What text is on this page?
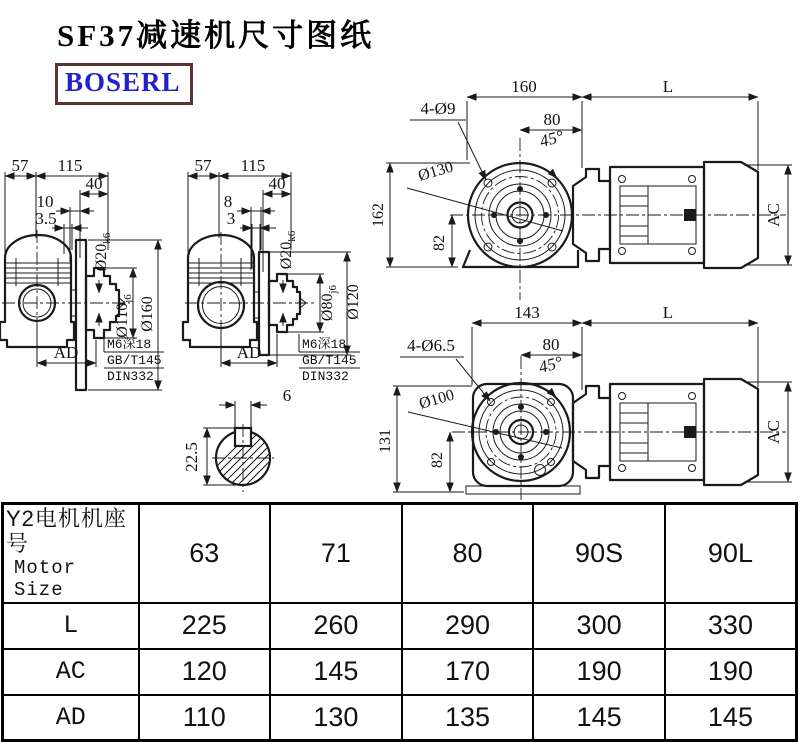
SF37减速机尺寸图纸
BOSERL
57 115
40
10
3.5
$Ø20_{k6}$
$Ø110_{j6}$ Ø160
AD M6深18
GB/T145
DIN332
57 115
40
8
3
$Ø20_{k6}$
$Ø80_{j6}$ Ø120
AD	M6深18
GB/T145
DIN332
6
22.5
160	L
80
4-Ø9
45°
Ø130
162
82
AC
143	L
80
4-Ø6.5
45°
Ø100
131
82
AC
Y2电机机座号
Motor Size	63	71	80	90S	90L
L	225	260	290	300	330
AC	120	145	170	190	190
AD	110	130	135	145	145
